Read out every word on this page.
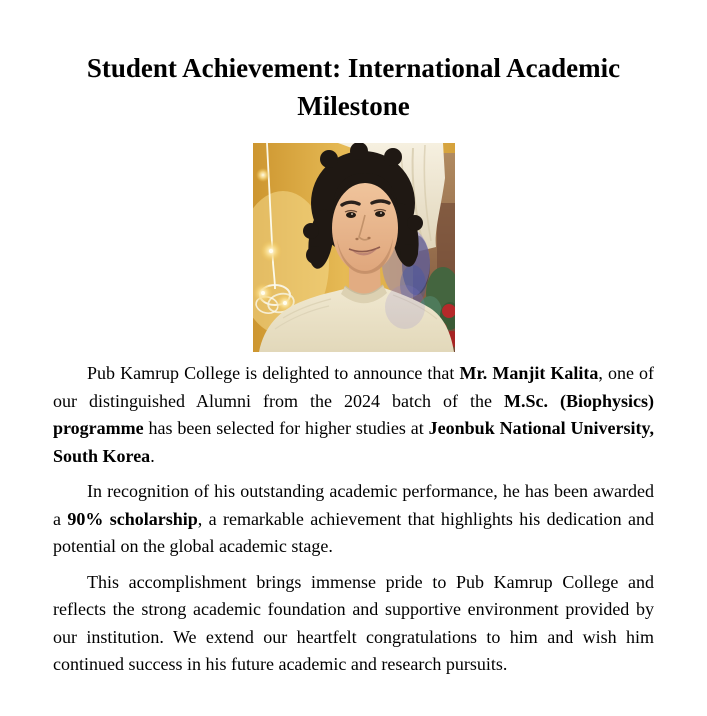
Student Achievement: International Academic
Milestone

Pub Kamrup College is delighted to announce that Mr. Manjit Kalita, one of our distinguished Alumni from the 2024 batch of the M.Sc. (Biophysics) programme has been selected for higher studies at Jeonbuk National University, South Korea.

In recognition of his outstanding academic performance, he has been awarded a 90% scholarship, a remarkable achievement that highlights his dedication and potential on the global academic stage.

This accomplishment brings immense pride to Pub Kamrup College and reflects the strong academic foundation and supportive environment provided by our institution. We extend our heartfelt congratulations to him and wish him continued success in his future academic and research pursuits.
